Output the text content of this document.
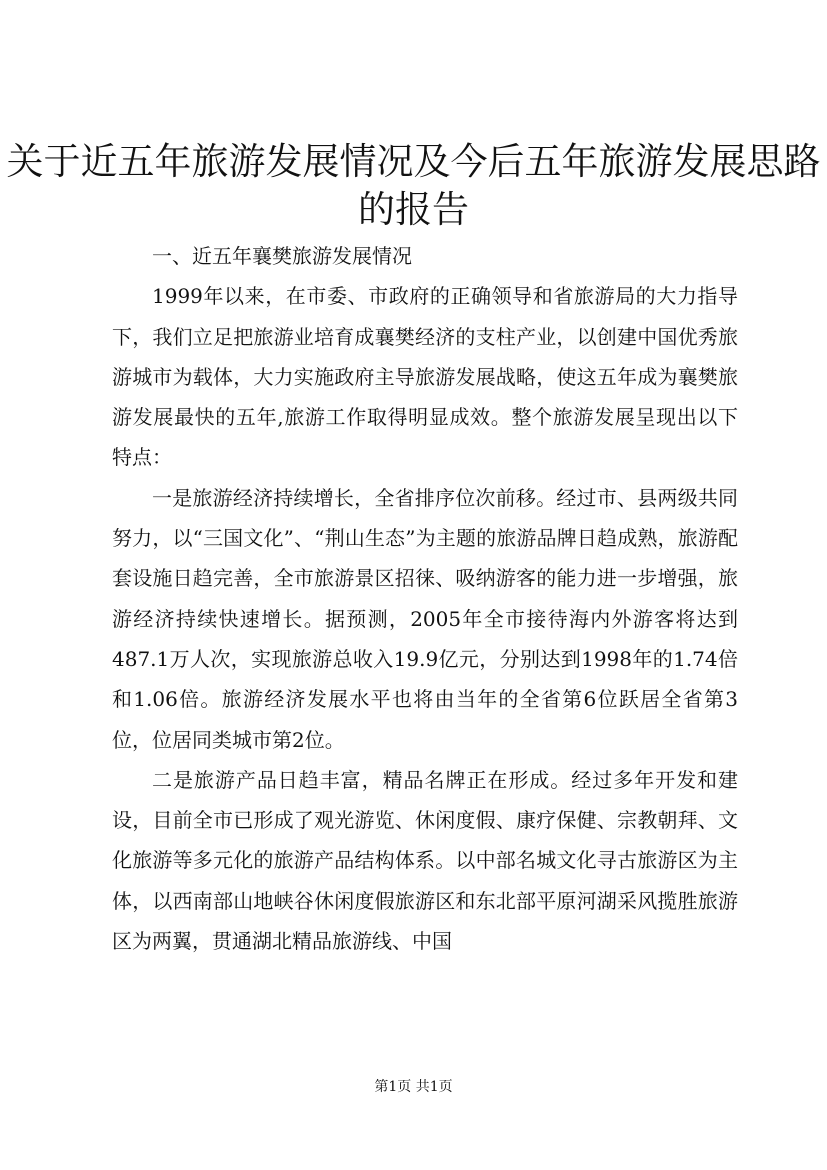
关于近五年旅游发展情况及今后五年旅游发展思路的报告

一、近五年襄樊旅游发展情况

1999年以来，在市委、市政府的正确领导和省旅游局的大力指导下，我们立足把旅游业培育成襄樊经济的支柱产业，以创建中国优秀旅游城市为载体，大力实施政府主导旅游发展战略，使这五年成为襄樊旅游发展最快的五年,旅游工作取得明显成效。整个旅游发展呈现出以下特点：

一是旅游经济持续增长，全省排序位次前移。经过市、县两级共同努力，以“三国文化”、“荆山生态”为主题的旅游品牌日趋成熟，旅游配套设施日趋完善，全市旅游景区招徕、吸纳游客的能力进一步增强，旅游经济持续快速增长。据预测，2005年全市接待海内外游客将达到487.1万人次，实现旅游总收入19.9亿元，分别达到1998年的1.74倍和1.06倍。旅游经济发展水平也将由当年的全省第6位跃居全省第3位，位居同类城市第2位。

二是旅游产品日趋丰富，精品名牌正在形成。经过多年开发和建设，目前全市已形成了观光游览、休闲度假、康疗保健、宗教朝拜、文化旅游等多元化的旅游产品结构体系。以中部名城文化寻古旅游区为主体，以西南部山地峡谷休闲度假旅游区和东北部平原河湖采风揽胜旅游区为两翼，贯通湖北精品旅游线、中国

第1页 共1页
